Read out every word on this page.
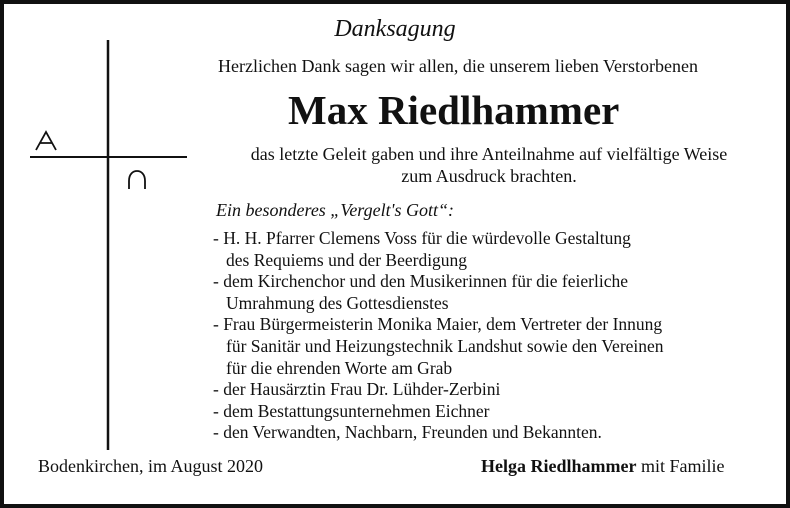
Danksagung
Herzlichen Dank sagen wir allen, die unserem lieben Verstorbenen
Max Riedlhammer
das letzte Geleit gaben und ihre Anteilnahme auf vielfältige Weise
zum Ausdruck brachten.
Ein besonderes „Vergelt's Gott“:
- H. H. Pfarrer Clemens Voss für die würdevolle Gestaltung
des Requiems und der Beerdigung
- dem Kirchenchor und den Musikerinnen für die feierliche
Umrahmung des Gottesdienstes
- Frau Bürgermeisterin Monika Maier, dem Vertreter der Innung
für Sanitär und Heizungstechnik Landshut sowie den Vereinen
für die ehrenden Worte am Grab
- der Hausärztin Frau Dr. Lühder-Zerbini
- dem Bestattungsunternehmen Eichner
- den Verwandten, Nachbarn, Freunden und Bekannten.
Bodenkirchen, im August 2020	Helga Riedlhammer mit Familie
